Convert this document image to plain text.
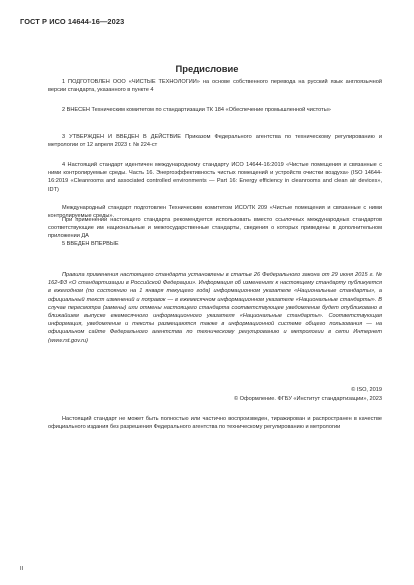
ГОСТ Р ИСО 14644-16—2023
Предисловие

1 ПОДГОТОВЛЕН ООО «ЧИСТЫЕ ТЕХНОЛОГИИ» на основе собственного перевода на русский язык англоязычной версии стандарта, указанного в пункте 4

2 ВНЕСЕН Техническим комитетом по стандартизации ТК 184 «Обеспечение промышленной чистоты»

3 УТВЕРЖДЕН И ВВЕДЕН В ДЕЙСТВИЕ Приказом Федерального агентства по техническому регулированию и метрологии от 12 апреля 2023 г. № 224-ст

4 Настоящий стандарт идентичен международному стандарту ИСО 14644-16:2019 «Чистые помещения и связанные с ними контролируемые среды. Часть 16. Энергоэффективность чистых помещений и устройств очистки воздуха» (ISO 14644-16:2019 «Cleanrooms and associated controlled environments — Part 16: Energy efficiency in cleanrooms and clean air devices», IDT)

Международный стандарт подготовлен Техническим комитетом ИСО/ТК 209 «Чистые помещения и связанные с ними контролируемые среды».

При применении настоящего стандарта рекомендуется использовать вместо ссылочных международных стандартов соответствующие им национальные и межгосударственные стандарты, сведения о которых приведены в дополнительном приложении ДА

5 ВВЕДЕН ВПЕРВЫЕ

Правила применения настоящего стандарта установлены в статье 26 Федерального закона от 29 июня 2015 г. № 162-ФЗ «О стандартизации в Российской Федерации». Информация об изменениях к настоящему стандарту публикуется в ежегодном (по состоянию на 1 января текущего года) информационном указателе «Национальные стандарты», а официальный текст изменений и поправок — в ежемесячном информационном указателе «Национальные стандарты». В случае пересмотра (замены) или отмены настоящего стандарта соответствующее уведомление будет опубликовано в ближайшем выпуске ежемесячного информационного указателя «Национальные стандарты». Соответствующая информация, уведомление и тексты размещаются также в информационной системе общего пользования — на официальном сайте Федерального агентства по техническому регулированию и метрологии в сети Интернет (www.rst.gov.ru)

© ISO, 2019
© Оформление. ФГБУ «Институт стандартизации», 2023

Настоящий стандарт не может быть полностью или частично воспроизведен, тиражирован и распространен в качестве официального издания без разрешения Федерального агентства по техническому регулированию и метрологии

II
